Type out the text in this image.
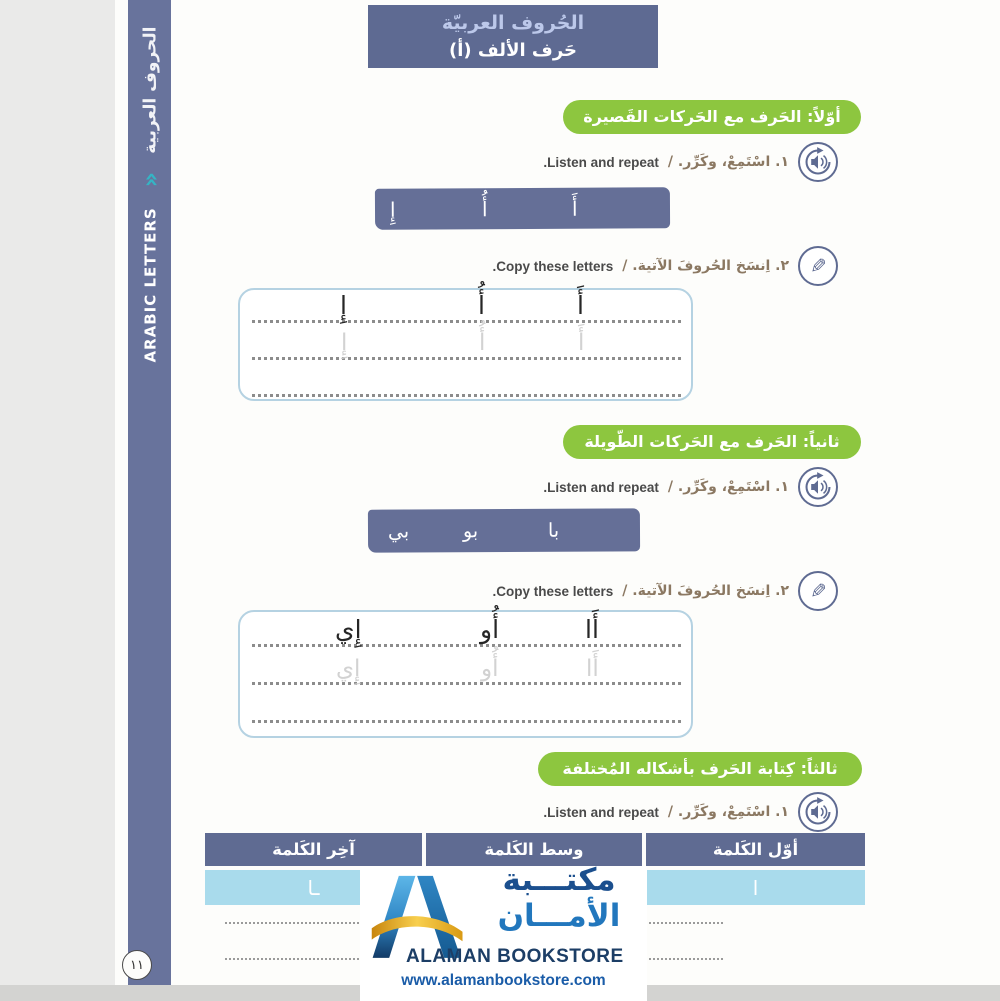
الحروف العربية
«
ARABIC LETTERS
الحُروف العربيّة
حَرف الألف (أ)
أوّلاً: الحَرف مع الحَركات القَصيرة
١. اسْتَمِعْ، وكَرِّر. /
Listen and repeat.
أَ
أُ
إِ
✎
٢. اِنسَخ الحُروفَ الآتية. /
Copy these letters.
أَ
أُ
إِ
أَ
أُ
إِ
ثانياً: الحَرف مع الحَركات الطّويلة
١. اسْتَمِعْ، وكَرِّر. /
Listen and repeat.
با
بو
بي
✎
٢. اِنسَخ الحُروفَ الآتية. /
Copy these letters.
أَا
أُو
إِي
أَا
أُو
إِي
ثالثاً: كِتابة الحَرف بأشكاله المُختلفة
١. اسْتَمِعْ، وكَرِّر. /
Listen and repeat.
أوّل الكَلمة
وسط الكَلمة
آخِر الكَلمة
ا
ـا
١١
مكتـــبة
الأمـــان
ALAMAN BOOKSTORE
www.alamanbookstore.com
